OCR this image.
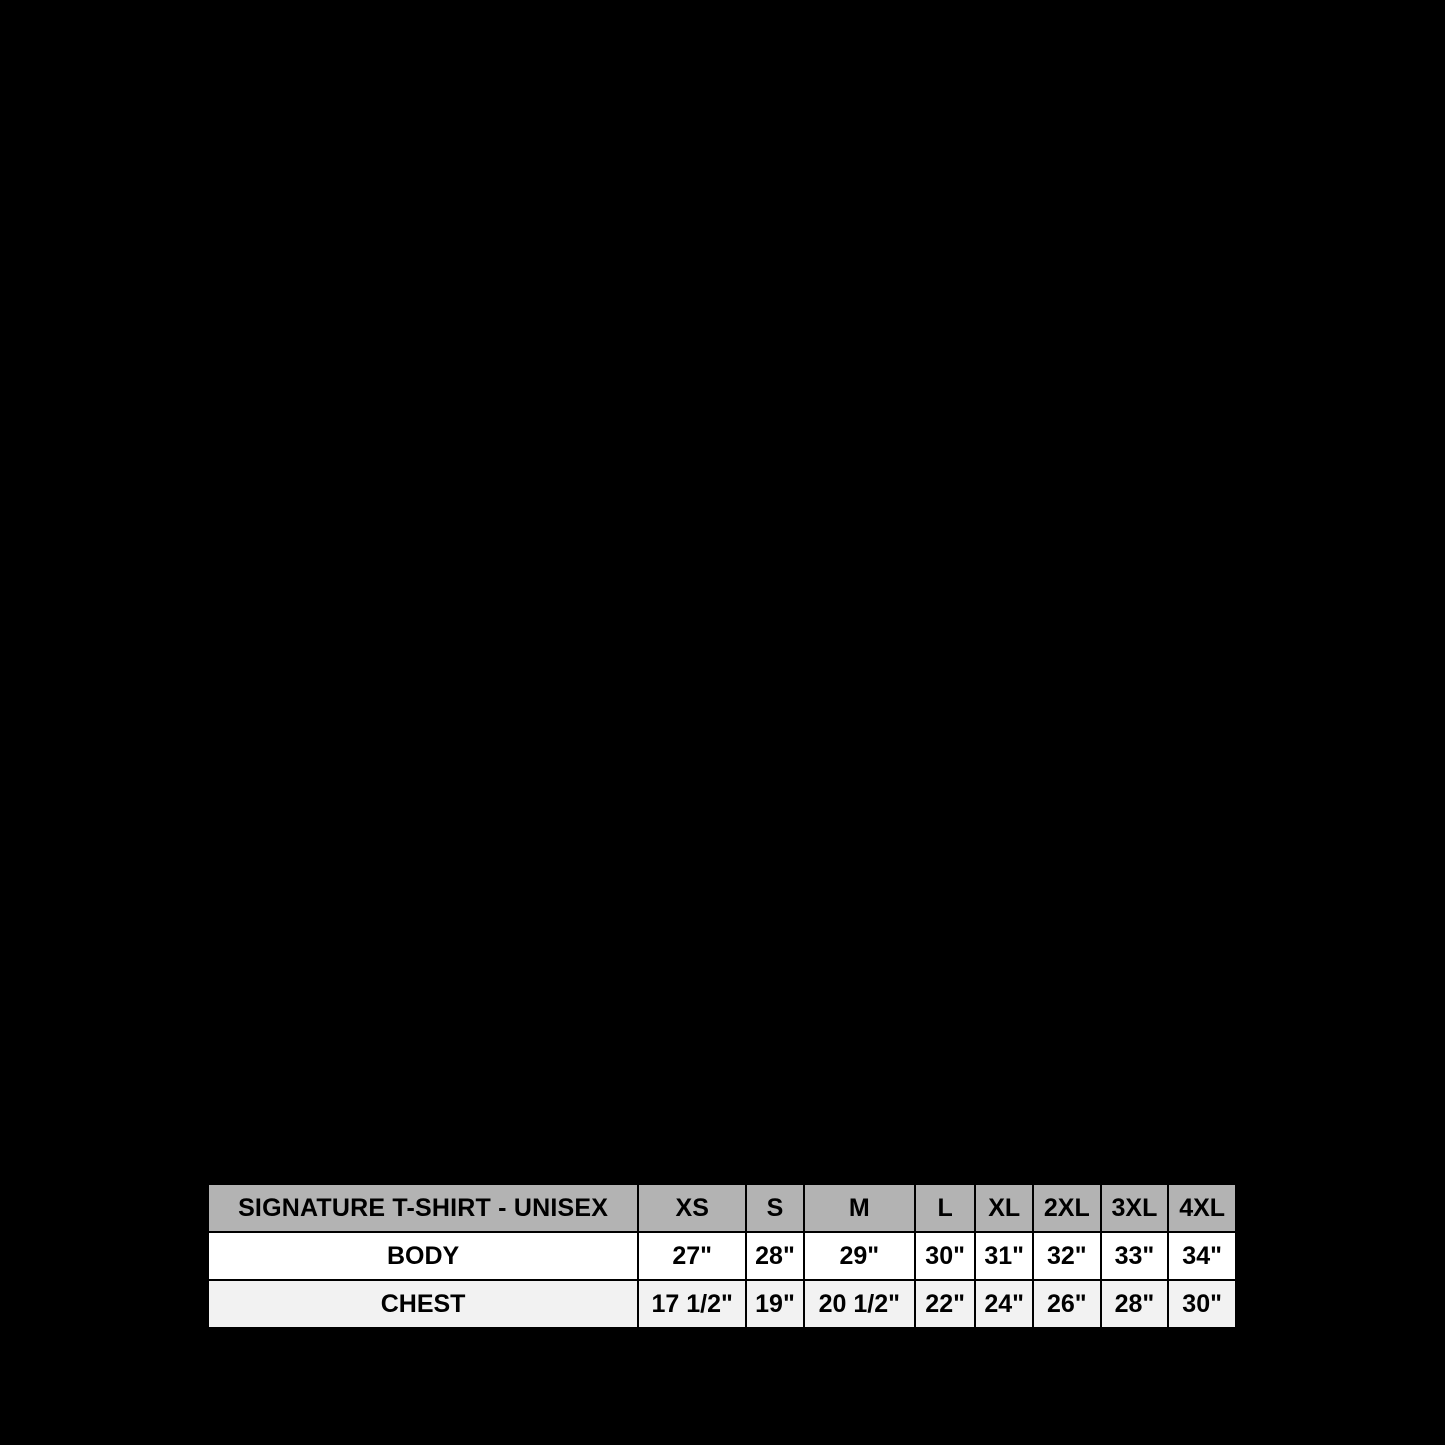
SIGNATURE T-SHIRT - UNISEX	XS	S	M	L	XL	2XL	3XL	4XL
BODY	27"	28"	29"	30"	31"	32"	33"	34"
CHEST	17 1/2"	19"	20 1/2"	22"	24"	26"	28"	30"
